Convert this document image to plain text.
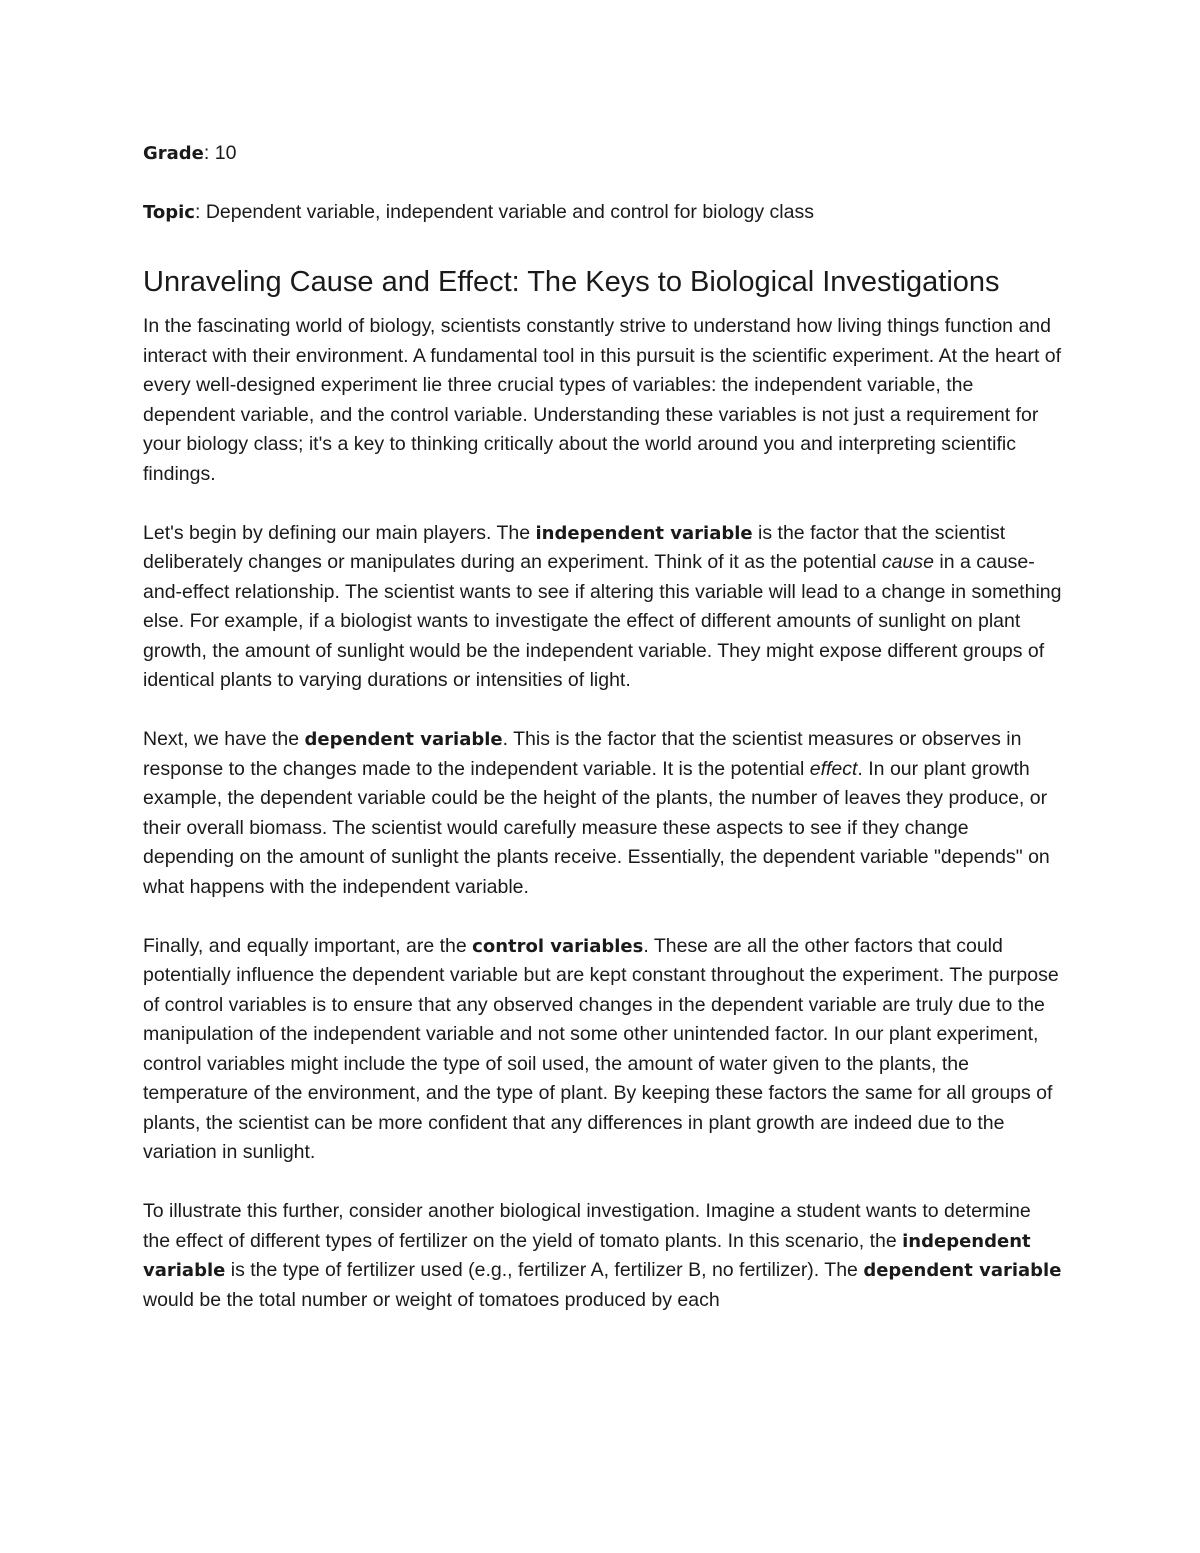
Grade: 10

Topic: Dependent variable, independent variable and control for biology class

Unraveling Cause and Effect: The Keys to Biological Investigations

In the fascinating world of biology, scientists constantly strive to understand how living things function and interact with their environment. A fundamental tool in this pursuit is the scientific experiment. At the heart of every well-designed experiment lie three crucial types of variables: the independent variable, the dependent variable, and the control variable. Understanding these variables is not just a requirement for your biology class; it's a key to thinking critically about the world around you and interpreting scientific findings.

Let's begin by defining our main players. The independent variable is the factor that the scientist deliberately changes or manipulates during an experiment. Think of it as the potential cause in a cause-and-effect relationship. The scientist wants to see if altering this variable will lead to a change in something else. For example, if a biologist wants to investigate the effect of different amounts of sunlight on plant growth, the amount of sunlight would be the independent variable. They might expose different groups of identical plants to varying durations or intensities of light.

Next, we have the dependent variable. This is the factor that the scientist measures or observes in response to the changes made to the independent variable. It is the potential effect. In our plant growth example, the dependent variable could be the height of the plants, the number of leaves they produce, or their overall biomass. The scientist would carefully measure these aspects to see if they change depending on the amount of sunlight the plants receive. Essentially, the dependent variable "depends" on what happens with the independent variable.

Finally, and equally important, are the control variables. These are all the other factors that could potentially influence the dependent variable but are kept constant throughout the experiment. The purpose of control variables is to ensure that any observed changes in the dependent variable are truly due to the manipulation of the independent variable and not some other unintended factor. In our plant experiment, control variables might include the type of soil used, the amount of water given to the plants, the temperature of the environment, and the type of plant. By keeping these factors the same for all groups of plants, the scientist can be more confident that any differences in plant growth are indeed due to the variation in sunlight.

To illustrate this further, consider another biological investigation. Imagine a student wants to determine the effect of different types of fertilizer on the yield of tomato plants. In this scenario, the independent variable is the type of fertilizer used (e.g., fertilizer A, fertilizer B, no fertilizer). The dependent variable would be the total number or weight of tomatoes produced by each
